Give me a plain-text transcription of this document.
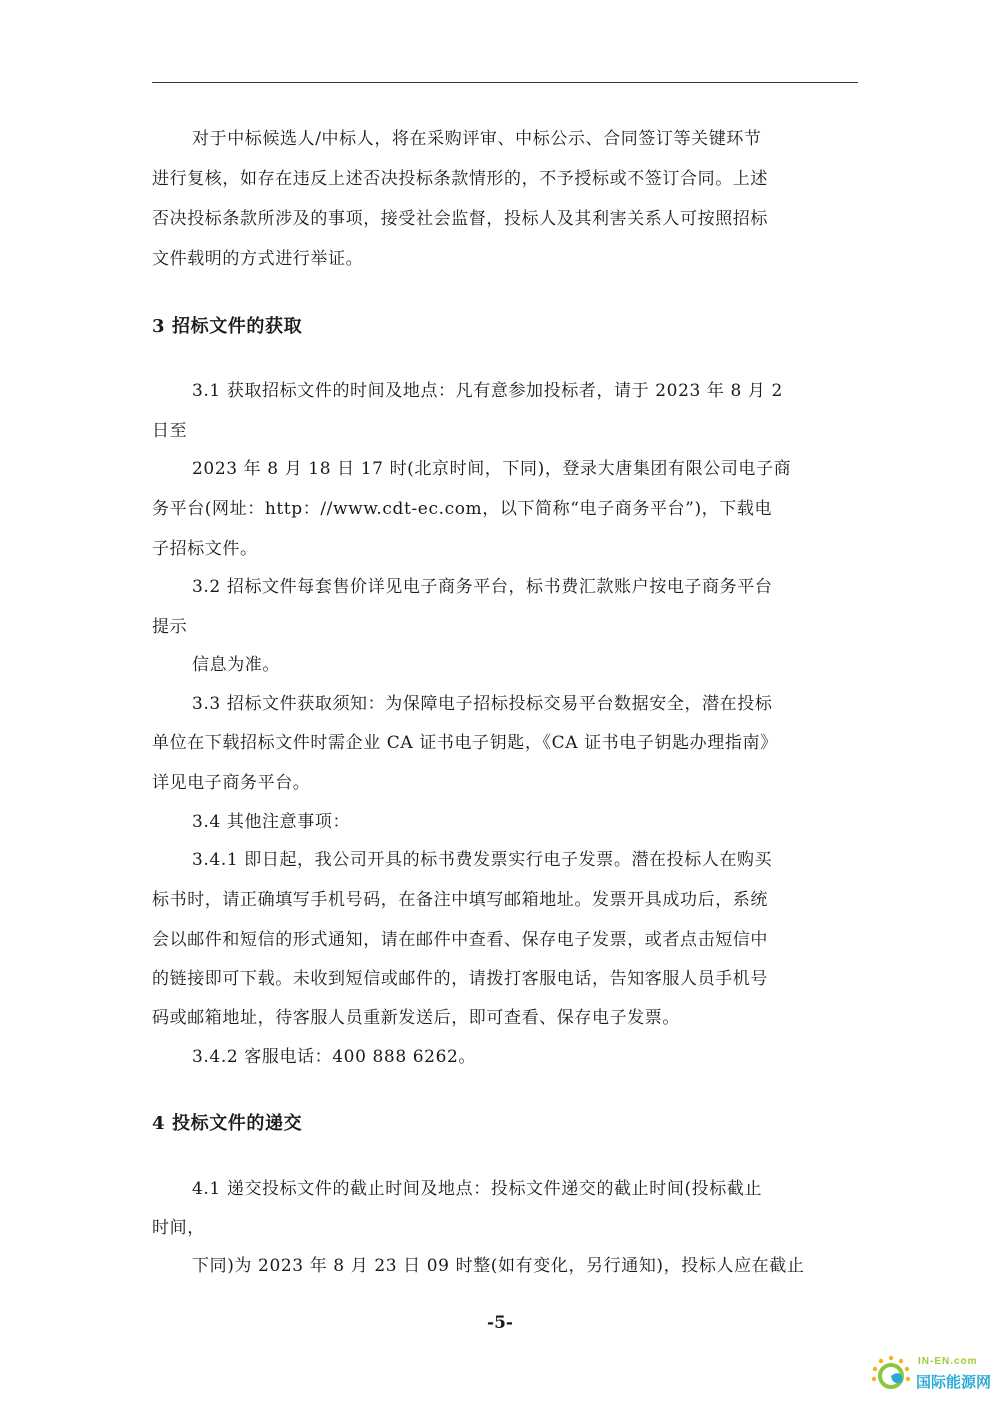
对于中标候选人/中标人，将在采购评审、中标公示、合同签订等关键环节
进行复核，如存在违反上述否决投标条款情形的，不予授标或不签订合同。上述
否决投标条款所涉及的事项，接受社会监督，投标人及其利害关系人可按照招标
文件载明的方式进行举证。
3 招标文件的获取
3.1 获取招标文件的时间及地点：凡有意参加投标者，请于 2023 年 8 月 2
日至
2023 年 8 月 18 日 17 时(北京时间，下同)，登录大唐集团有限公司电子商
务平台(网址：http：//www.cdt-ec.com，以下简称“电子商务平台”)，下载电
子招标文件。
3.2 招标文件每套售价详见电子商务平台，标书费汇款账户按电子商务平台
提示
信息为准。
3.3 招标文件获取须知：为保障电子招标投标交易平台数据安全，潜在投标
单位在下载招标文件时需企业 CA 证书电子钥匙，《CA 证书电子钥匙办理指南》
详见电子商务平台。
3.4 其他注意事项：
3.4.1 即日起，我公司开具的标书费发票实行电子发票。潜在投标人在购买
标书时，请正确填写手机号码，在备注中填写邮箱地址。发票开具成功后，系统
会以邮件和短信的形式通知，请在邮件中查看、保存电子发票，或者点击短信中
的链接即可下载。未收到短信或邮件的，请拨打客服电话，告知客服人员手机号
码或邮箱地址，待客服人员重新发送后，即可查看、保存电子发票。
3.4.2 客服电话：400 888 6262。
4 投标文件的递交
4.1 递交投标文件的截止时间及地点：投标文件递交的截止时间(投标截止
时间，
下同)为 2023 年 8 月 23 日 09 时整(如有变化，另行通知)，投标人应在截止
-5-
IN-EN.com
国际能源网
